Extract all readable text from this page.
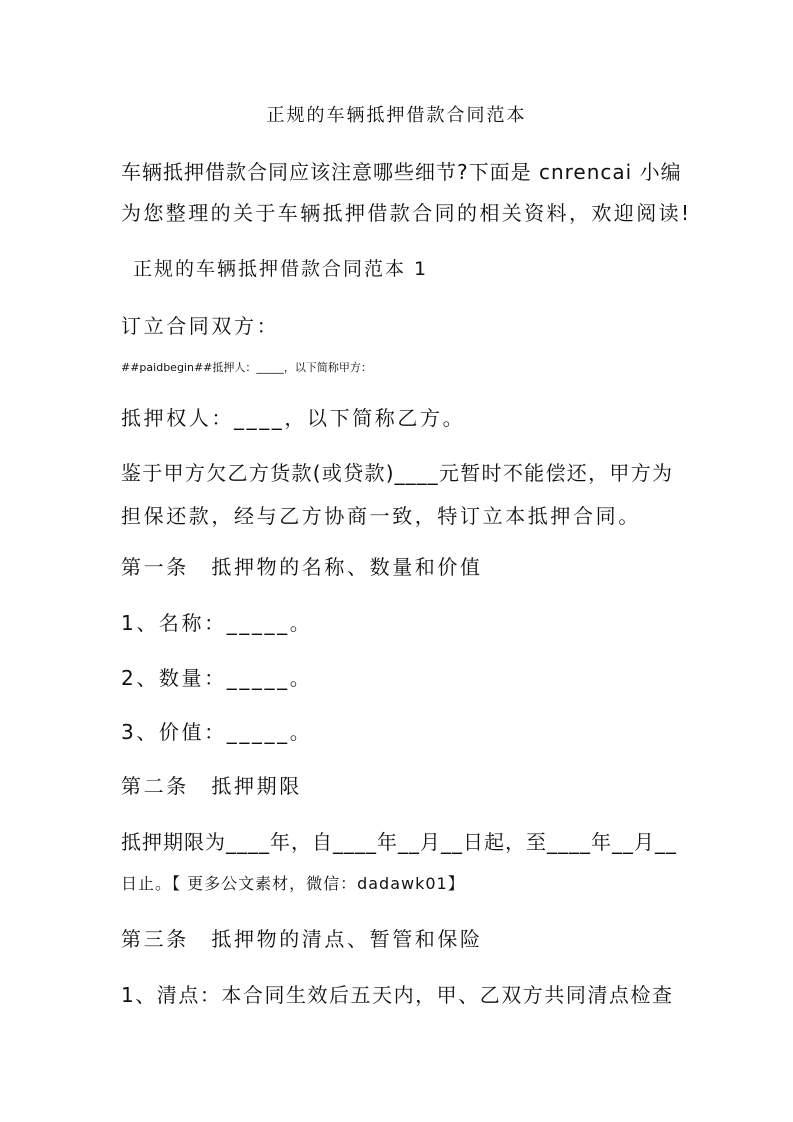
正规的车辆抵押借款合同范本

车辆抵押借款合同应该注意哪些细节?下面是 cnrencai 小编

为您整理的关于车辆抵押借款合同的相关资料，欢迎阅读!

正规的车辆抵押借款合同范本 1

订立合同双方：

##paidbegin##抵押人：_____，以下简称甲方：

抵押权人：____，以下简称乙方。

鉴于甲方欠乙方货款(或贷款)____元暂时不能偿还，甲方为

担保还款，经与乙方协商一致，特订立本抵押合同。

第一条　抵押物的名称、数量和价值

1、名称：_____。

2、数量：_____。

3、价值：_____。

第二条　抵押期限

抵押期限为____年，自____年__月__日起，至____年__月__

日止。【 更多公文素材，微信：dadawk01】

第三条　抵押物的清点、暂管和保险

1、清点：本合同生效后五天内，甲、乙双方共同清点检查
